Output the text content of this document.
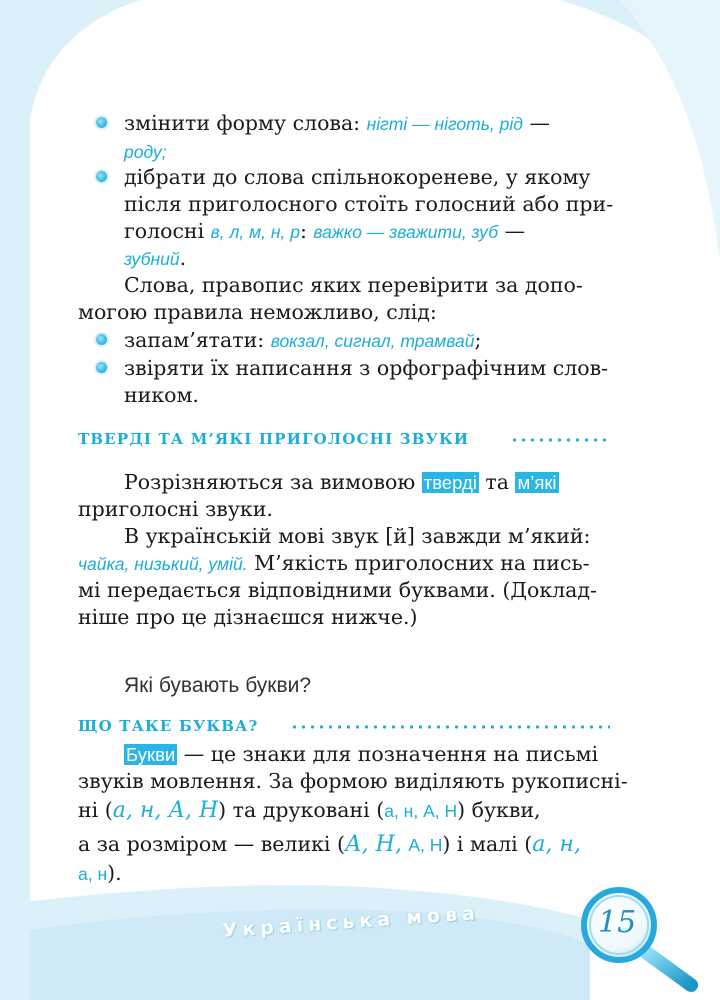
змінити форму слова: нігті — ніготь, рід —
роду;
дібрати до слова спільнокореневе, у якому
після приголосного стоїть голосний або при-
голосні в, л, м, н, р: важко — зважити, зуб —
зубний.
Слова, правопис яких перевірити за допо-
могою правила неможливо, слід:
запам’ятати: вокзал, сигнал, трамвай;
звіряти їх написання з орфографічним слов-
ником.
ТВЕРДІ ТА М’ЯКІ ПРИГОЛОСНІ ЗВУКИ
Розрізняються за вимовою тверді та м’які
приголосні звуки.
В українській мові звук [й] завжди м’який:
чайка, низький, умій. М’якість приголосних на пись-
мі передається відповідними буквами. (Доклад-
ніше про це дізнаєшся нижче.)
Які бувають букви?
ЩО ТАКЕ БУКВА?
Букви — це знаки для позначення на письмі
звуків мовлення. За формою виділяють рукописні-
ні (а, н, А, Н) та друковані (а, н, А, Н) букви,
а за розміром — великі (А, Н, А, Н) і малі (а, н,
а, н).
Українська мова	15
